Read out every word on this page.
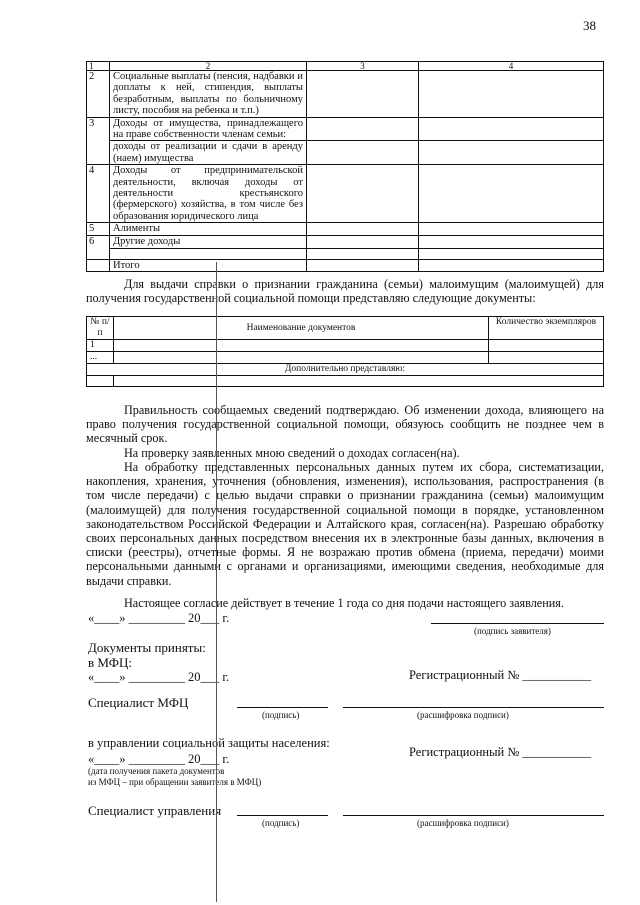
38
1	2	3	4
2	Социальные выплаты (пенсия, надбавки и доплаты к ней, стипендия, выплаты безработным, выплаты по больничному листу, пособия на ребенка и т.п.)		
3	Доходы от имущества, принадлежащего на праве собственности членам семьи:		
	доходы от реализации и сдачи в аренду (наем) имущества		
4	Доходы от предпринимательской деятельности, включая доходы от деятельности крестьянского (фермерского) хозяйства, в том числе без образования юридического лица		
5	Алименты		
6	Другие доходы		

	Итого		
Для выдачи справки о признании гражданина (семьи) малоимущим (малоимущей) для получения государственной социальной помощи представляю следующие документы:
№ п/п	Наименование документов	Количество экземпляров
1		
...		
Дополнительно представляю:		

Правильность сообщаемых сведений подтверждаю. Об изменении дохода, влияющего на право получения государственной социальной помощи, обязуюсь сообщить не позднее чем в месячный срок.
На проверку заявленных мною сведений о доходах согласен(на).
На обработку представленных персональных данных путем их сбора, систематизации, накопления, хранения, уточнения (обновления, изменения), использования, распространения (в том числе передачи) с целью выдачи справки о признании гражданина (семьи) малоимущим (малоимущей) для получения государственной социальной помощи в порядке, установленном законодательством Российской Федерации и Алтайского края, согласен(на). Разрешаю обработку своих персональных данных посредством внесения их в электронные базы данных, включения в списки (реестры), отчетные формы. Я не возражаю против обмена (приема, передачи) моими персональными данными с органами и организациями, имеющими сведения, необходимые для выдачи справки.
Настоящее согласие действует в течение 1 года со дня подачи настоящего заявления.
«____» _________ 20___ г.
(подпись заявителя)
Документы приняты:
в МФЦ:
«____» _________ 20___ г.	Регистрационный № ___________
Специалист МФЦ
(подпись)	(расшифровка подписи)
в управлении социальной защиты населения:
«____» _________ 20___ г.	Регистрационный № ___________
(дата получения пакета документов
из МФЦ – при обращении заявителя в МФЦ)
Специалист управления
(подпись)	(расшифровка подписи)
